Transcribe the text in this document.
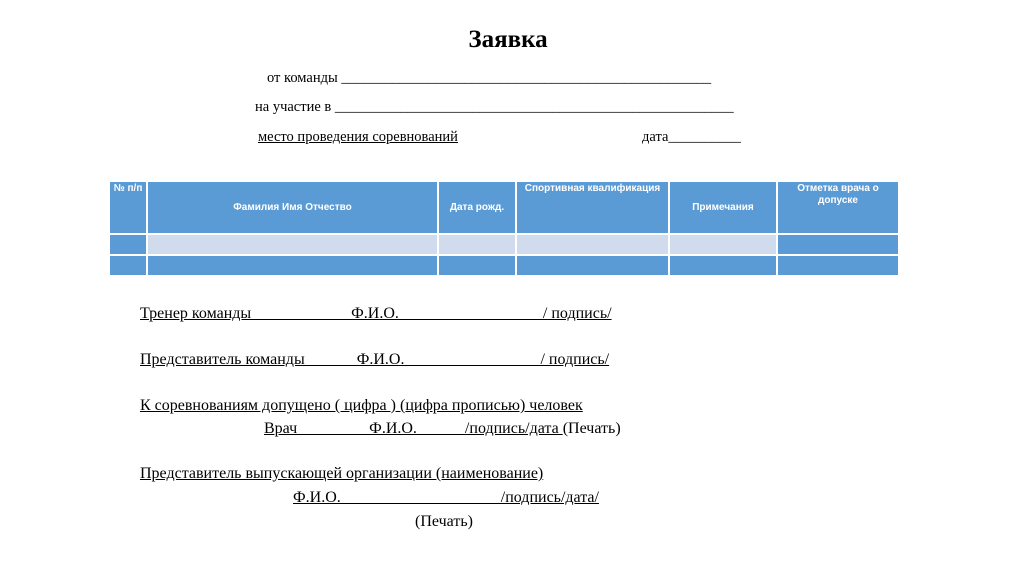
Заявка
от команды ___________________________________________________
на участие в _______________________________________________________
место проведения соревнований	дата__________
№ п/п	Фамилия Имя Отчество	Дата рожд.	Спортивная квалификация	Примечания	Отметка врача о допуске

Тренер команды ____________Ф.И.О.__________________/ подпись/
Представитель команды ______Ф.И.О._________________/ подпись/
К соревнованиям допущено ( цифра ) (цифра прописью) человек
Врач_________Ф.И.О.______/подпись/дата (Печать)
Представитель выпускающей организации (наименование)
Ф.И.О.____________________/подпись/дата/
(Печать)
